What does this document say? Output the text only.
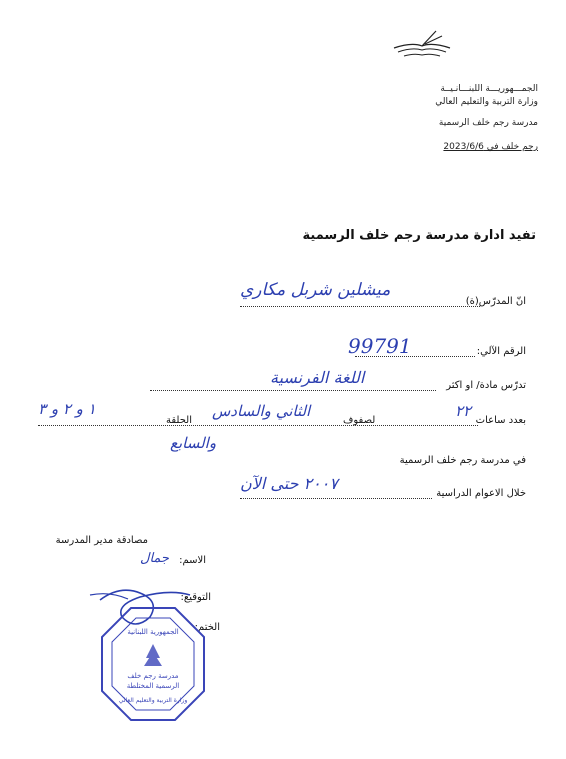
الجمـــهوريـــة اللبنـــانـيــة
وزارة التربية والتعليم العالي
مدرسة رجم خلف الرسمية
رجم خلف في 2023/6/6
تفيد ادارة مدرسة رجم خلف الرسمية
انّ المدرّس(ة)
ميشلين شربل مكاري
الرقم الآلي:
99791
تدرّس مادة/ او اكثر
اللغة الفرنسية
بعدد ساعات
٢٢
لصفوف
الثاني والسادس
والسابع
الحلقة
١ و ٢ و ٣
في مدرسة رجم خلف الرسمية
خلال الاعوام الدراسية
٢٠٠٧ حتى الآن
مصادقة مدير المدرسة
الاسم:
جمال
التوقيع:
الختم:
الجمهورية اللبنانية
مدرسة رجم خلف
الرسمية المختلطة
وزارة التربية والتعليم العالي
